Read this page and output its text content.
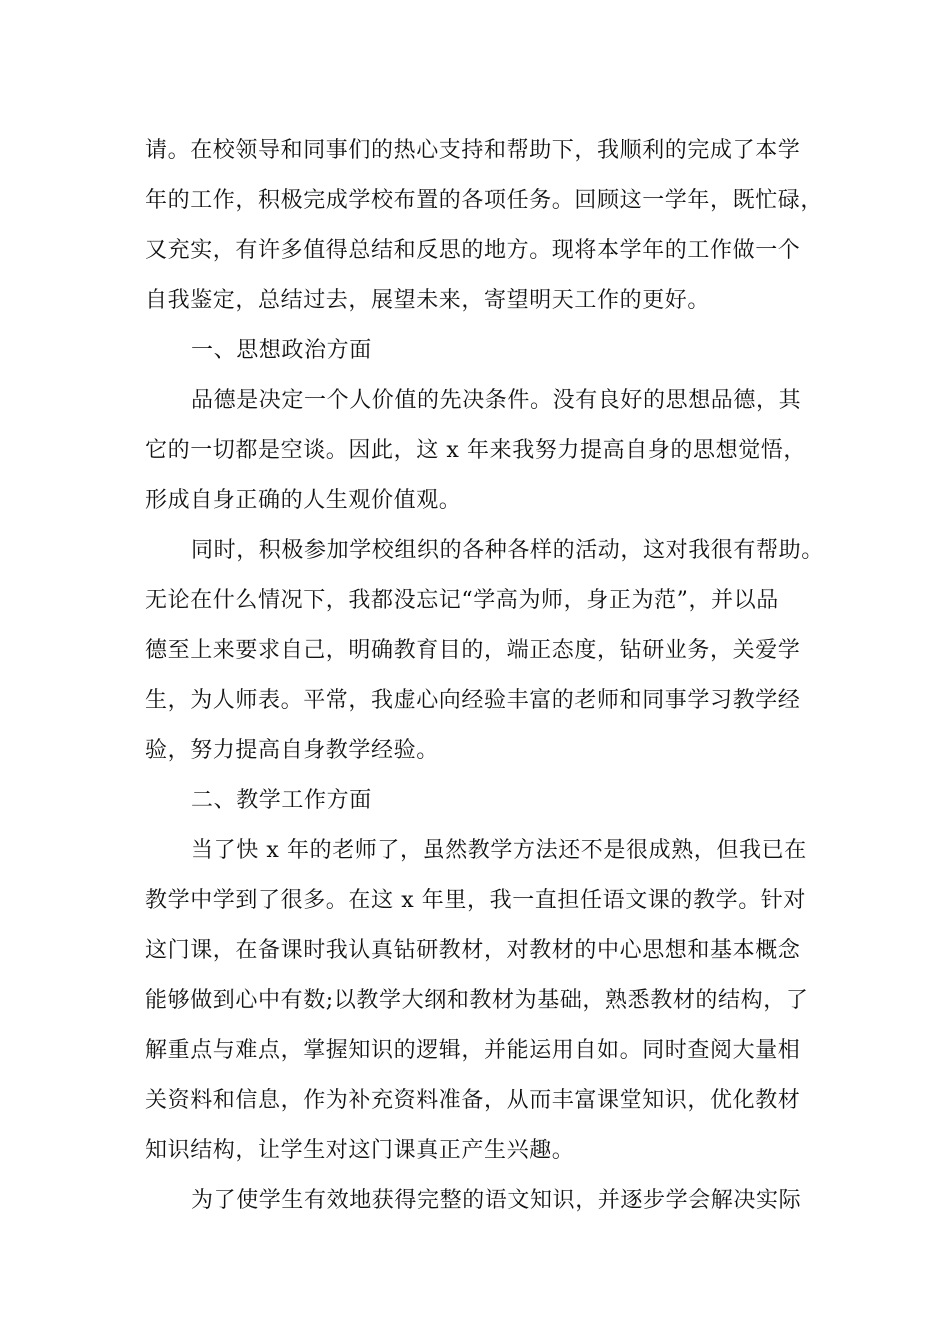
请。在校领导和同事们的热心支持和帮助下，我顺利的完成了本学
年的工作，积极完成学校布置的各项任务。回顾这一学年，既忙碌，
又充实，有许多值得总结和反思的地方。现将本学年的工作做一个
自我鉴定，总结过去，展望未来，寄望明天工作的更好。
一、思想政治方面
品德是决定一个人价值的先决条件。没有良好的思想品德，其
它的一切都是空谈。因此，这 x 年来我努力提高自身的思想觉悟，
形成自身正确的人生观价值观。
同时，积极参加学校组织的各种各样的活动，这对我很有帮助。
无论在什么情况下，我都没忘记“学高为师，身正为范”，并以品
德至上来要求自己，明确教育目的，端正态度，钻研业务，关爱学
生，为人师表。平常，我虚心向经验丰富的老师和同事学习教学经
验，努力提高自身教学经验。
二、教学工作方面
当了快 x 年的老师了，虽然教学方法还不是很成熟，但我已在
教学中学到了很多。在这 x 年里，我一直担任语文课的教学。针对
这门课，在备课时我认真钻研教材，对教材的中心思想和基本概念
能够做到心中有数;以教学大纲和教材为基础，熟悉教材的结构，了
解重点与难点，掌握知识的逻辑，并能运用自如。同时查阅大量相
关资料和信息，作为补充资料准备，从而丰富课堂知识，优化教材
知识结构，让学生对这门课真正产生兴趣。
为了使学生有效地获得完整的语文知识，并逐步学会解决实际
